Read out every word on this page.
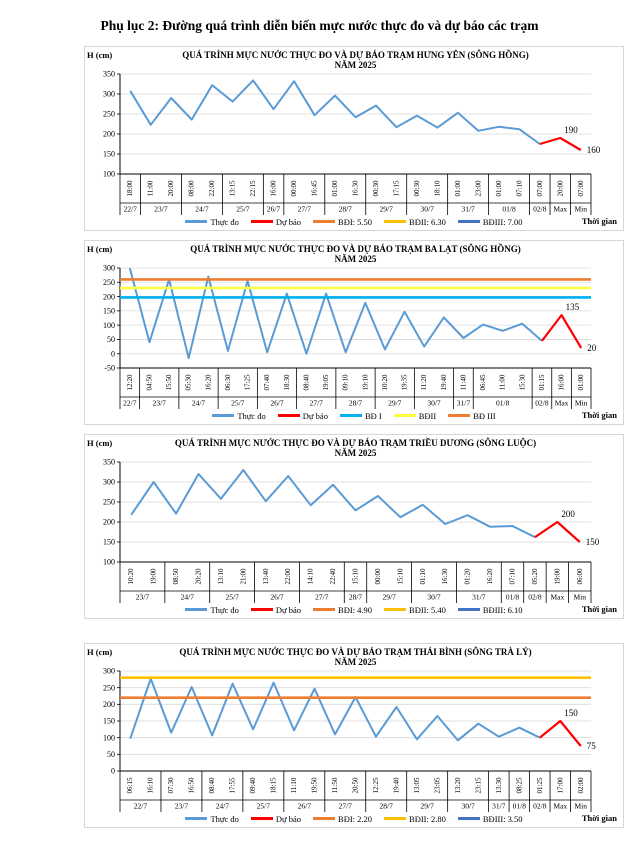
Phụ lục 2: Đường quá trình diễn biến mực nước thực đo và dự báo các trạm
350
300
250
200
150
100
190
160
QUÁ TRÌNH MỰC NƯỚC THỰC ĐO VÀ DỰ BÁO TRẠM HƯNG YÊN (SÔNG HỒNG)
NĂM 2025
H (cm)
18:00
22/7
11:00 20:00
23/7
08:00 22:00
24/7
13:15 22:15
25/7
16:00
26/7
00:00 16:45
27/7
01:00 16:30
28/7
00:30 17:15
29/7
00:30 18:10
30/7
01:00 23:00
31/7
01:00 07:10
01/8
07:00
02/8
20:00
Max
07:00
Min
Thực đo	Dự báo	BĐI: 5.50	BĐII: 6.30	BĐIII: 7.00	Thời gian
300
250
200
150
100
50
0
-50
135
20
QUÁ TRÌNH MỰC NƯỚC THỰC ĐO VÀ DỰ BÁO TRẠM BA LẠT (SÔNG HỒNG)
NĂM 2025
H (cm)
12:20
22/7
04:50 15:50
23/7
05:30 16:20
24/7
06:30 17:25
25/7
07:40 18:30
26/7
08:40 19:05
27/7
09:10 19:10
28/7
10:20 19:35
29/7
11:20 19:40
30/7
11:40
31/7
06:45 11:00 15:30
01/8
01:15
02/8
16:00
Max
01:00
Min
Thực đo	Dự báo	BĐ I	BĐII	BĐ III	Thời gian
350
300
250
200
150
100
200
150
QUÁ TRÌNH MỰC NƯỚC THỰC ĐO VÀ DỰ BÁO TRẠM TRIỀU DƯƠNG (SÔNG LUỘC)
NĂM 2025
H (cm)
10:20 19:00
23/7
08:50 20:20
24/7
13:10 21:00
25/7
13:40 22:00
26/7
14:10 22:40
27/7
15:10
28/7
00:00 15:10
29/7
01:10 16:30
30/7
01:20 16:20
31/7
07:10
01/8
05:20
02/8
19:00
Max
06:00
Min
Thực đo	Dự báo	BĐI: 4.90	BĐII: 5.40	BĐIII: 6.10	Thời gian
300
250
200
150
100
50
0
150
75
QUÁ TRÌNH MỰC NƯỚC THỰC ĐO VÀ DỰ BÁO TRẠM THÁI BÌNH (SÔNG TRÀ LÝ)
NĂM 2025
H (cm)
06:15 16:10
22/7
07:30 16:50
23/7
08:40 17:55
24/7
09:40 18:15
25/7
11:10 19:50
26/7
11:50 20:50
27/7
12:25 19:40
28/7
13:05 23:05
29/7
13:20 23:15
30/7
13:30
31/7
08:25
01/8
01:25
02/8
17:00
Max
02:00
Min
Thực đo	Dự báo	BĐI: 2.20	BĐII: 2.80	BĐIII: 3.50	Thời gian
